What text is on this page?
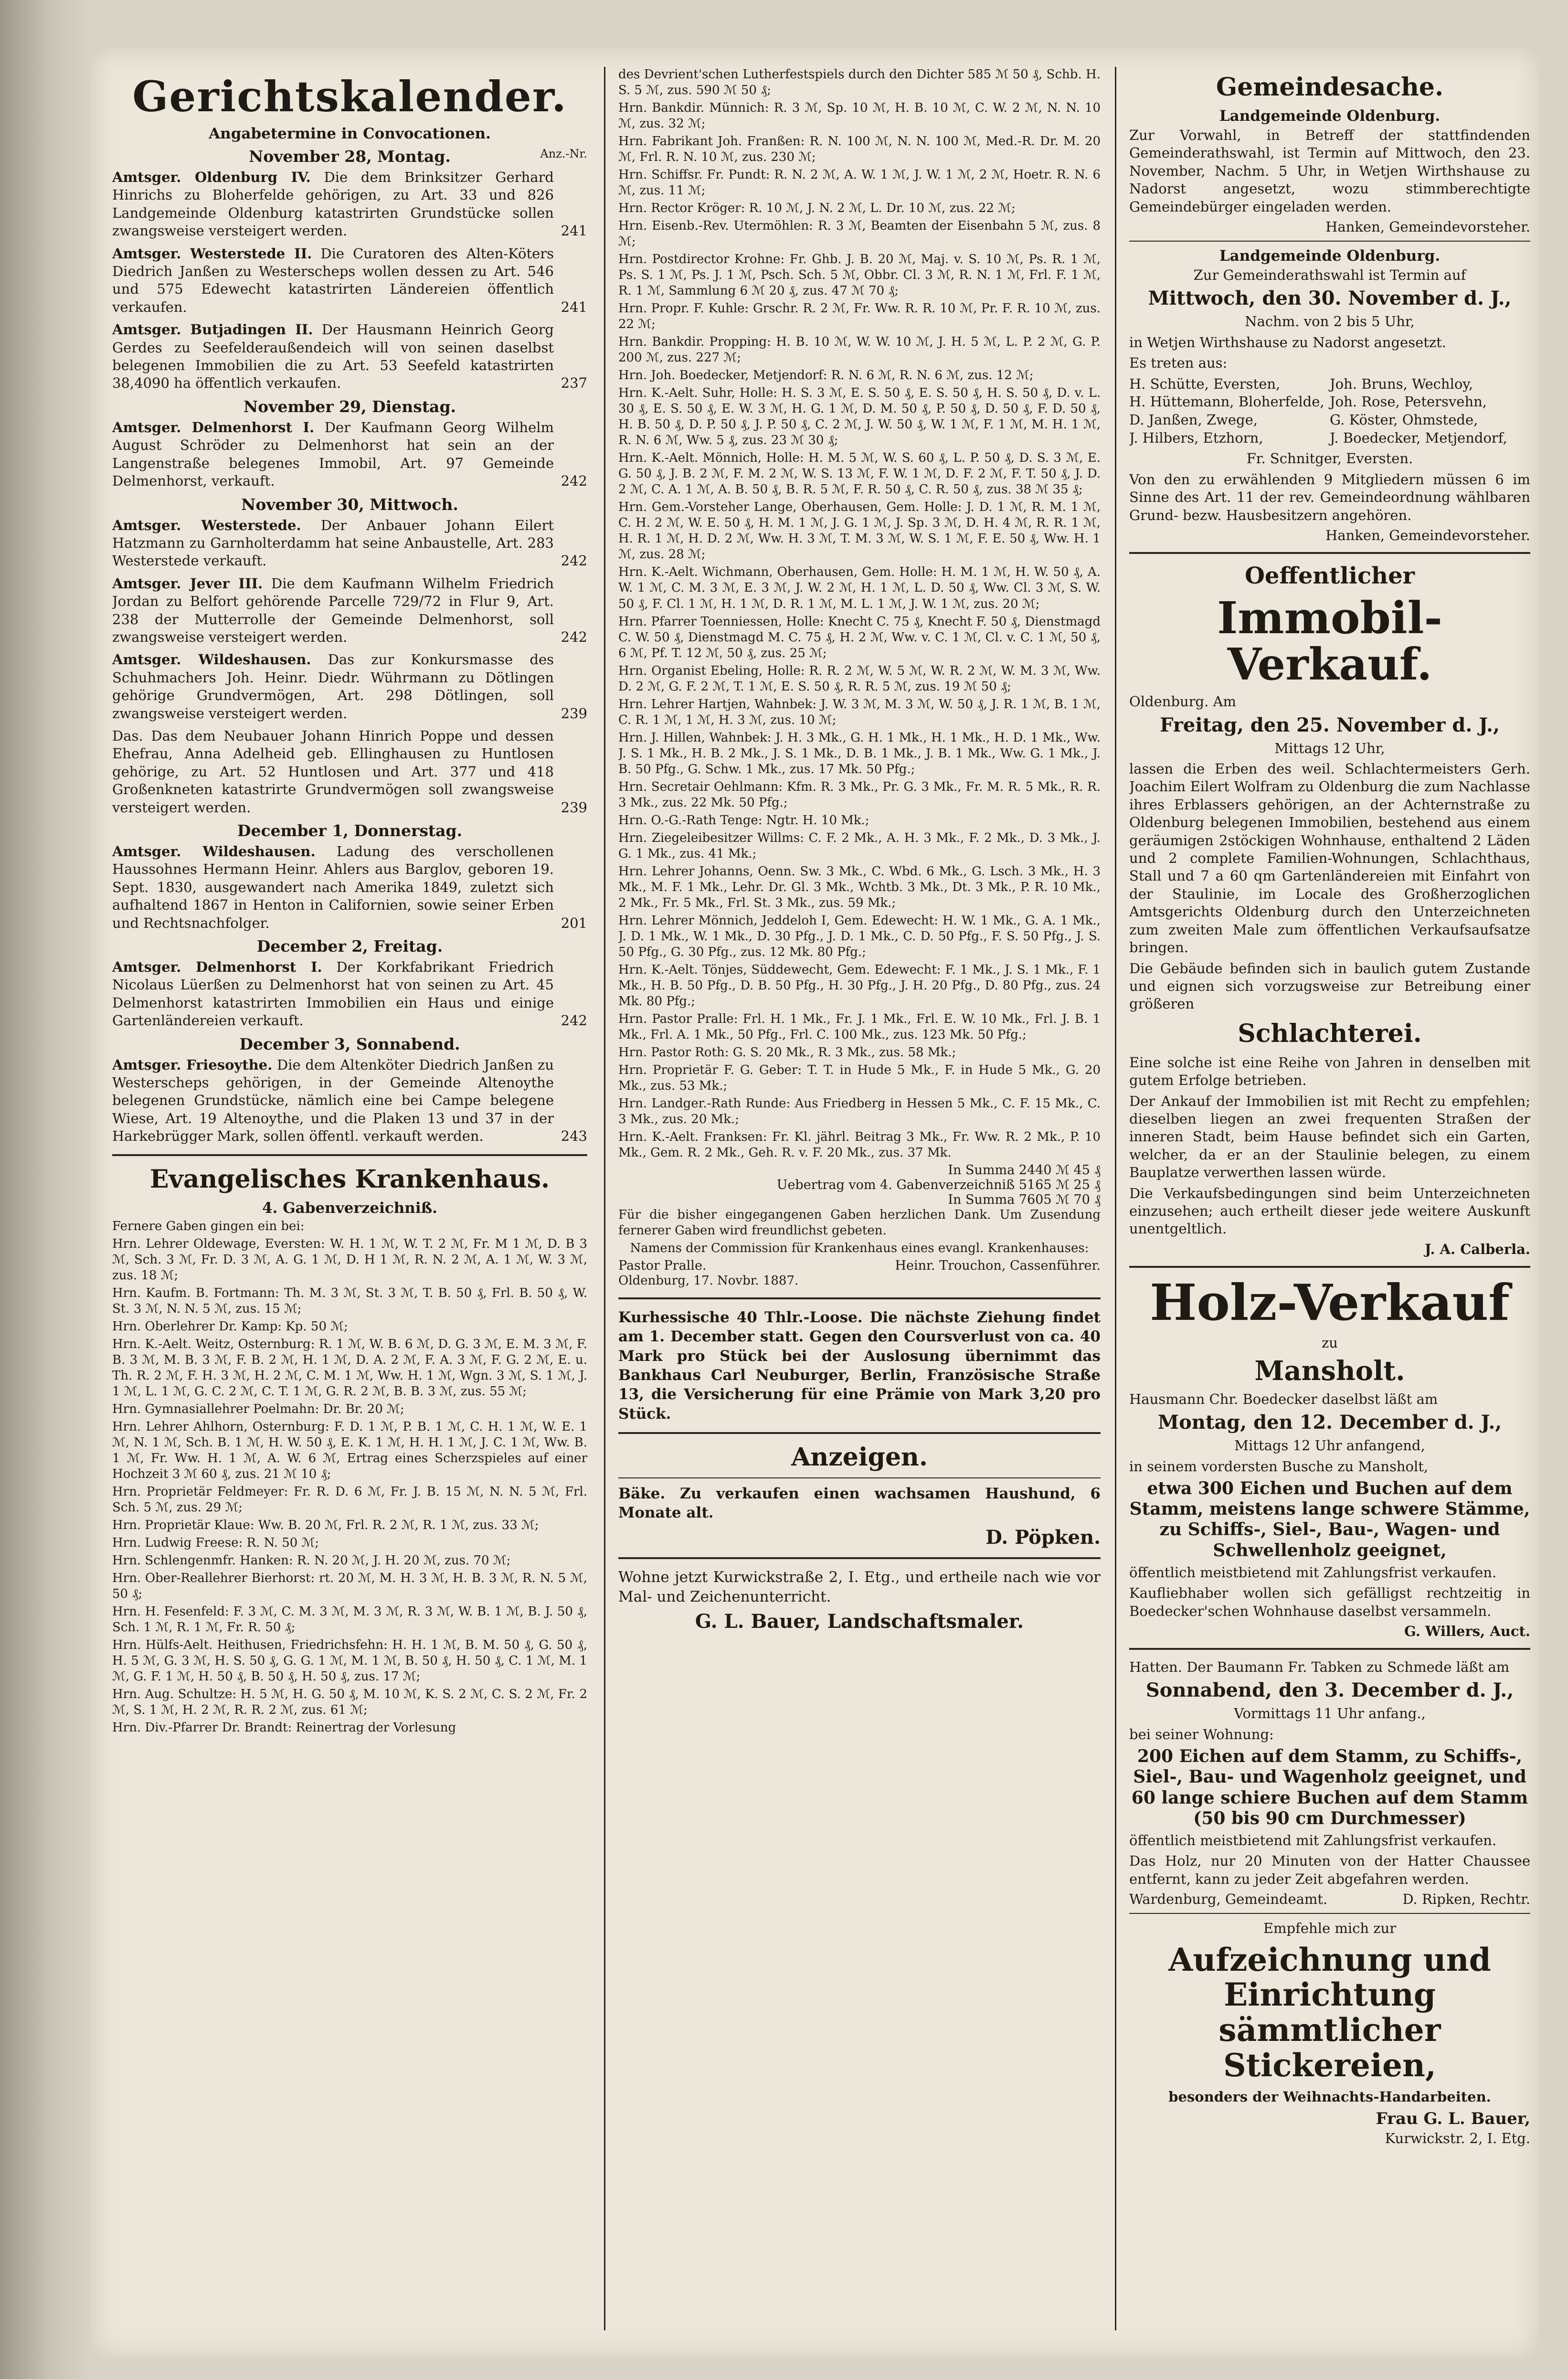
Gerichtskalender.
Angabetermine in Convocationen.
November 28, Montag.	Anz.-Nr.
Amtsger. Oldenburg IV. Die dem Brinksitzer Gerhard Hinrichs zu Bloherfelde gehörigen, zu Art. 33 und 826 Landgemeinde Oldenburg katastrirten Grundstücke sollen zwangsweise versteigert werden.	241
Amtsger. Westerstede II. Die Curatoren des Alten-Köters Diedrich Janßen zu Westerscheps wollen dessen zu Art. 546 und 575 Edewecht katastrirten Ländereien öffentlich verkaufen.	241
Amtsger. Butjadingen II. Der Hausmann Heinrich Georg Gerdes zu Seefelderaußendeich will von seinen daselbst belegenen Immobilien die zu Art. 53 Seefeld katastrirten 38,4090 ha öffentlich verkaufen.	237
November 29, Dienstag.
Amtsger. Delmenhorst I. Der Kaufmann Georg Wilhelm August Schröder zu Delmenhorst hat sein an der Langenstraße belegenes Immobil, Art. 97 Gemeinde Delmenhorst, verkauft.	242
November 30, Mittwoch.
Amtsger. Westerstede. Der Anbauer Johann Eilert Hatzmann zu Garnholterdamm hat seine Anbaustelle, Art. 283 Westerstede verkauft.	242
Amtsger. Jever III. Die dem Kaufmann Wilhelm Friedrich Jordan zu Belfort gehörende Parcelle 729/72 in Flur 9, Art. 238 der Mutterrolle der Gemeinde Delmenhorst, soll zwangsweise versteigert werden.	242
Amtsger. Wildeshausen. Das zur Konkursmasse des Schuhmachers Joh. Heinr. Diedr. Wührmann zu Dötlingen gehörige Grundvermögen, Art. 298 Dötlingen, soll zwangsweise versteigert werden.	239
Das. Das dem Neubauer Johann Hinrich Poppe und dessen Ehefrau, Anna Adelheid geb. Ellinghausen zu Huntlosen gehörige, zu Art. 52 Huntlosen und Art. 377 und 418 Großenkneten katastrirte Grundvermögen soll zwangsweise versteigert werden.	239
December 1, Donnerstag.
Amtsger. Wildeshausen. Ladung des verschollenen Haussohnes Hermann Heinr. Ahlers aus Barglov, geboren 19. Sept. 1830, ausgewandert nach Amerika 1849, zuletzt sich aufhaltend 1867 in Henton in Californien, sowie seiner Erben und Rechtsnachfolger.	201
December 2, Freitag.
Amtsger. Delmenhorst I. Der Korkfabrikant Friedrich Nicolaus Lüerßen zu Delmenhorst hat von seinen zu Art. 45 Delmenhorst katastrirten Immobilien ein Haus und einige Gartenländereien verkauft.	242
December 3, Sonnabend.
Amtsger. Friesoythe. Die dem Altenköter Diedrich Janßen zu Westerscheps gehörigen, in der Gemeinde Altenoythe belegenen Grundstücke, nämlich eine bei Campe belegene Wiese, Art. 19 Altenoythe, und die Plaken 13 und 37 in der Harkebrügger Mark, sollen öffentl. verkauft werden.	243
Evangelisches Krankenhaus.
4. Gabenverzeichniß.

Fernere Gaben gingen ein bei:

Hrn. Lehrer Oldewage, Eversten: W. H. 1 ℳ, W. T. 2 ℳ, Fr. M 1 ℳ, D. B 3 ℳ, Sch. 3 ℳ, Fr. D. 3 ℳ, A. G. 1 ℳ, D. H 1 ℳ, R. N. 2 ℳ, A. 1 ℳ, W. 3 ℳ, zus. 18 ℳ;

Hrn. Kaufm. B. Fortmann: Th. M. 3 ℳ, St. 3 ℳ, T. B. 50 ₰, Frl. B. 50 ₰, W. St. 3 ℳ, N. N. 5 ℳ, zus. 15 ℳ;

Hrn. Oberlehrer Dr. Kamp: Kp. 50 ℳ;

Hrn. K.-Aelt. Weitz, Osternburg: R. 1 ℳ, W. B. 6 ℳ, D. G. 3 ℳ, E. M. 3 ℳ, F. B. 3 ℳ, M. B. 3 ℳ, F. B. 2 ℳ, H. 1 ℳ, D. A. 2 ℳ, F. A. 3 ℳ, F. G. 2 ℳ, E. u. Th. R. 2 ℳ, F. H. 3 ℳ, H. 2 ℳ, C. M. 1 ℳ, Ww. H. 1 ℳ, Wgn. 3 ℳ, S. 1 ℳ, J. 1 ℳ, L. 1 ℳ, G. C. 2 ℳ, C. T. 1 ℳ, G. R. 2 ℳ, B. B. 3 ℳ, zus. 55 ℳ;

Hrn. Gymnasiallehrer Poelmahn: Dr. Br. 20 ℳ;

Hrn. Lehrer Ahlhorn, Osternburg: F. D. 1 ℳ, P. B. 1 ℳ, C. H. 1 ℳ, W. E. 1 ℳ, N. 1 ℳ, Sch. B. 1 ℳ, H. W. 50 ₰, E. K. 1 ℳ, H. H. 1 ℳ, J. C. 1 ℳ, Ww. B. 1 ℳ, Fr. Ww. H. 1 ℳ, A. W. 6 ℳ, Ertrag eines Scherzspieles auf einer Hochzeit 3 ℳ 60 ₰, zus. 21 ℳ 10 ₰;

Hrn. Proprietär Feldmeyer: Fr. R. D. 6 ℳ, Fr. J. B. 15 ℳ, N. N. 5 ℳ, Frl. Sch. 5 ℳ, zus. 29 ℳ;

Hrn. Proprietär Klaue: Ww. B. 20 ℳ, Frl. R. 2 ℳ, R. 1 ℳ, zus. 33 ℳ;

Hrn. Ludwig Freese: R. N. 50 ℳ;

Hrn. Schlengenmfr. Hanken: R. N. 20 ℳ, J. H. 20 ℳ, zus. 70 ℳ;

Hrn. Ober-Reallehrer Bierhorst: rt. 20 ℳ, M. H. 3 ℳ, H. B. 3 ℳ, R. N. 5 ℳ, 50 ₰;

Hrn. H. Fesenfeld: F. 3 ℳ, C. M. 3 ℳ, M. 3 ℳ, R. 3 ℳ, W. B. 1 ℳ, B. J. 50 ₰, Sch. 1 ℳ, R. 1 ℳ, Fr. R. 50 ₰;

Hrn. Hülfs-Aelt. Heithusen, Friedrichsfehn: H. H. 1 ℳ, B. M. 50 ₰, G. 50 ₰, H. 5 ℳ, G. 3 ℳ, H. S. 50 ₰, G. G. 1 ℳ, M. 1 ℳ, B. 50 ₰, H. 50 ₰, C. 1 ℳ, M. 1 ℳ, G. F. 1 ℳ, H. 50 ₰, B. 50 ₰, H. 50 ₰, zus. 17 ℳ;

Hrn. Aug. Schultze: H. 5 ℳ, H. G. 50 ₰, M. 10 ℳ, K. S. 2 ℳ, C. S. 2 ℳ, Fr. 2 ℳ, S. 1 ℳ, H. 2 ℳ, R. R. 2 ℳ, zus. 61 ℳ;

Hrn. Div.-Pfarrer Dr. Brandt: Reinertrag der Vorlesung

des Devrient'schen Lutherfestspiels durch den Dichter 585 ℳ 50 ₰, Schb. H. S. 5 ℳ, zus. 590 ℳ 50 ₰;

Hrn. Bankdir. Münnich: R. 3 ℳ, Sp. 10 ℳ, H. B. 10 ℳ, C. W. 2 ℳ, N. N. 10 ℳ, zus. 32 ℳ;

Hrn. Fabrikant Joh. Franßen: R. N. 100 ℳ, N. N. 100 ℳ, Med.-R. Dr. M. 20 ℳ, Frl. R. N. 10 ℳ, zus. 230 ℳ;

Hrn. Schiffsr. Fr. Pundt: R. N. 2 ℳ, A. W. 1 ℳ, J. W. 1 ℳ, 2 ℳ, Hoetr. R. N. 6 ℳ, zus. 11 ℳ;

Hrn. Rector Kröger: R. 10 ℳ, J. N. 2 ℳ, L. Dr. 10 ℳ, zus. 22 ℳ;

Hrn. Eisenb.-Rev. Utermöhlen: R. 3 ℳ, Beamten der Eisenbahn 5 ℳ, zus. 8 ℳ;

Hrn. Postdirector Krohne: Fr. Ghb. J. B. 20 ℳ, Maj. v. S. 10 ℳ, Ps. R. 1 ℳ, Ps. S. 1 ℳ, Ps. J. 1 ℳ, Psch. Sch. 5 ℳ, Obbr. Cl. 3 ℳ, R. N. 1 ℳ, Frl. F. 1 ℳ, R. 1 ℳ, Sammlung 6 ℳ 20 ₰, zus. 47 ℳ 70 ₰;

Hrn. Propr. F. Kuhle: Grschr. R. 2 ℳ, Fr. Ww. R. R. 10 ℳ, Pr. F. R. 10 ℳ, zus. 22 ℳ;

Hrn. Bankdir. Propping: H. B. 10 ℳ, W. W. 10 ℳ, J. H. 5 ℳ, L. P. 2 ℳ, G. P. 200 ℳ, zus. 227 ℳ;

Hrn. Joh. Boedecker, Metjendorf: R. N. 6 ℳ, R. N. 6 ℳ, zus. 12 ℳ;

Hrn. K.-Aelt. Suhr, Holle: H. S. 3 ℳ, E. S. 50 ₰, E. S. 50 ₰, H. S. 50 ₰, D. v. L. 30 ₰, E. S. 50 ₰, E. W. 3 ℳ, H. G. 1 ℳ, D. M. 50 ₰, P. 50 ₰, D. 50 ₰, F. D. 50 ₰, H. B. 50 ₰, D. P. 50 ₰, J. P. 50 ₰, C. 2 ℳ, J. W. 50 ₰, W. 1 ℳ, F. 1 ℳ, M. H. 1 ℳ, R. N. 6 ℳ, Ww. 5 ₰, zus. 23 ℳ 30 ₰;

Hrn. K.-Aelt. Mönnich, Holle: H. M. 5 ℳ, W. S. 60 ₰, L. P. 50 ₰, D. S. 3 ℳ, E. G. 50 ₰, J. B. 2 ℳ, F. M. 2 ℳ, W. S. 13 ℳ, F. W. 1 ℳ, D. F. 2 ℳ, F. T. 50 ₰, J. D. 2 ℳ, C. A. 1 ℳ, A. B. 50 ₰, B. R. 5 ℳ, F. R. 50 ₰, C. R. 50 ₰, zus. 38 ℳ 35 ₰;

Hrn. Gem.-Vorsteher Lange, Oberhausen, Gem. Holle: J. D. 1 ℳ, R. M. 1 ℳ, C. H. 2 ℳ, W. E. 50 ₰, H. M. 1 ℳ, J. G. 1 ℳ, J. Sp. 3 ℳ, D. H. 4 ℳ, R. R. 1 ℳ, H. R. 1 ℳ, H. D. 2 ℳ, Ww. H. 3 ℳ, T. M. 3 ℳ, W. S. 1 ℳ, F. E. 50 ₰, Ww. H. 1 ℳ, zus. 28 ℳ;

Hrn. K.-Aelt. Wichmann, Oberhausen, Gem. Holle: H. M. 1 ℳ, H. W. 50 ₰, A. W. 1 ℳ, C. M. 3 ℳ, E. 3 ℳ, J. W. 2 ℳ, H. 1 ℳ, L. D. 50 ₰, Ww. Cl. 3 ℳ, S. W. 50 ₰, F. Cl. 1 ℳ, H. 1 ℳ, D. R. 1 ℳ, M. L. 1 ℳ, J. W. 1 ℳ, zus. 20 ℳ;

Hrn. Pfarrer Toenniessen, Holle: Knecht C. 75 ₰, Knecht F. 50 ₰, Dienstmagd C. W. 50 ₰, Dienstmagd M. C. 75 ₰, H. 2 ℳ, Ww. v. C. 1 ℳ, Cl. v. C. 1 ℳ, 50 ₰, 6 ℳ, Pf. T. 12 ℳ, 50 ₰, zus. 25 ℳ;

Hrn. Organist Ebeling, Holle: R. R. 2 ℳ, W. 5 ℳ, W. R. 2 ℳ, W. M. 3 ℳ, Ww. D. 2 ℳ, G. F. 2 ℳ, T. 1 ℳ, E. S. 50 ₰, R. R. 5 ℳ, zus. 19 ℳ 50 ₰;

Hrn. Lehrer Hartjen, Wahnbek: J. W. 3 ℳ, M. 3 ℳ, W. 50 ₰, J. R. 1 ℳ, B. 1 ℳ, C. R. 1 ℳ, 1 ℳ, H. 3 ℳ, zus. 10 ℳ;

Hrn. J. Hillen, Wahnbek: J. H. 3 Mk., G. H. 1 Mk., H. 1 Mk., H. D. 1 Mk., Ww. J. S. 1 Mk., H. B. 2 Mk., J. S. 1 Mk., D. B. 1 Mk., J. B. 1 Mk., Ww. G. 1 Mk., J. B. 50 Pfg., G. Schw. 1 Mk., zus. 17 Mk. 50 Pfg.;

Hrn. Secretair Oehlmann: Kfm. R. 3 Mk., Pr. G. 3 Mk., Fr. M. R. 5 Mk., R. R. 3 Mk., zus. 22 Mk. 50 Pfg.;

Hrn. O.-G.-Rath Tenge: Ngtr. H. 10 Mk.;

Hrn. Ziegeleibesitzer Willms: C. F. 2 Mk., A. H. 3 Mk., F. 2 Mk., D. 3 Mk., J. G. 1 Mk., zus. 41 Mk.;

Hrn. Lehrer Johanns, Oenn. Sw. 3 Mk., C. Wbd. 6 Mk., G. Lsch. 3 Mk., H. 3 Mk., M. F. 1 Mk., Lehr. Dr. Gl. 3 Mk., Wchtb. 3 Mk., Dt. 3 Mk., P. R. 10 Mk., 2 Mk., Fr. 5 Mk., Frl. St. 3 Mk., zus. 59 Mk.;

Hrn. Lehrer Mönnich, Jeddeloh I, Gem. Edewecht: H. W. 1 Mk., G. A. 1 Mk., J. D. 1 Mk., W. 1 Mk., D. 30 Pfg., J. D. 1 Mk., C. D. 50 Pfg., F. S. 50 Pfg., J. S. 50 Pfg., G. 30 Pfg., zus. 12 Mk. 80 Pfg.;

Hrn. K.-Aelt. Tönjes, Süddewecht, Gem. Edewecht: F. 1 Mk., J. S. 1 Mk., F. 1 Mk., H. B. 50 Pfg., D. B. 50 Pfg., H. 30 Pfg., J. H. 20 Pfg., D. 80 Pfg., zus. 24 Mk. 80 Pfg.;

Hrn. Pastor Pralle: Frl. H. 1 Mk., Fr. J. 1 Mk., Frl. E. W. 10 Mk., Frl. J. B. 1 Mk., Frl. A. 1 Mk., 50 Pfg., Frl. C. 100 Mk., zus. 123 Mk. 50 Pfg.;

Hrn. Pastor Roth: G. S. 20 Mk., R. 3 Mk., zus. 58 Mk.;

Hrn. Proprietär F. G. Geber: T. T. in Hude 5 Mk., F. in Hude 5 Mk., G. 20 Mk., zus. 53 Mk.;

Hrn. Landger.-Rath Runde: Aus Friedberg in Hessen 5 Mk., C. F. 15 Mk., C. 3 Mk., zus. 20 Mk.;

Hrn. K.-Aelt. Franksen: Fr. Kl. jährl. Beitrag 3 Mk., Fr. Ww. R. 2 Mk., P. 10 Mk., Gem. R. 2 Mk., Geh. R. v. F. 20 Mk., zus. 37 Mk.

In Summa 2440 ℳ 45 ₰
Uebertrag vom 4. Gabenverzeichniß 5165 ℳ 25 ₰
In Summa 7605 ℳ 70 ₰

Für die bisher eingegangenen Gaben herzlichen Dank. Um Zusendung fernerer Gaben wird freundlichst gebeten.

Namens der Commission für Krankenhaus eines evangl. Krankenhauses:

Pastor Pralle.	Heinr. Trouchon, Cassenführer.

Oldenburg, 17. Novbr. 1887.

Kurhessische 40 Thlr.-Loose. Die nächste Ziehung findet am 1. December statt. Gegen den Coursverlust von ca. 40 Mark pro Stück bei der Auslosung übernimmt das Bankhaus Carl Neuburger, Berlin, Französische Straße 13, die Versicherung für eine Prämie von Mark 3,20 pro Stück.

Anzeigen.

Bäke. Zu verkaufen einen wachsamen Haushund, 6 Monate alt.

D. Pöpken.

Wohne jetzt Kurwickstraße 2, I. Etg., und ertheile nach wie vor Mal- und Zeichenunterricht.

G. L. Bauer, Landschaftsmaler.
Gemeindesache.
Landgemeinde Oldenburg.

Zur Vorwahl, in Betreff der stattfindenden Gemeinderathswahl, ist Termin auf Mittwoch, den 23. November, Nachm. 5 Uhr, in Wetjen Wirthshause zu Nadorst angesetzt, wozu stimmberechtigte Gemeindebürger eingeladen werden.

Hanken, Gemeindevorsteher.
Landgemeinde Oldenburg.

Zur Gemeinderathswahl ist Termin auf

Mittwoch, den 30. November d. J.,

Nachm. von 2 bis 5 Uhr,

in Wetjen Wirthshause zu Nadorst angesetzt.

Es treten aus:

H. Schütte, Eversten,	Joh. Bruns, Wechloy,
H. Hüttemann, Bloherfelde, Joh. Rose, Petersvehn,
D. Janßen, Zwege,	G. Köster, Ohmstede,
J. Hilbers, Etzhorn,	J. Boedecker, Metjendorf,

Fr. Schnitger, Eversten.

Von den zu erwählenden 9 Mitgliedern müssen 6 im Sinne des Art. 11 der rev. Gemeindeordnung wählbaren Grund- bezw. Hausbesitzern angehören.

Hanken, Gemeindevorsteher.
Oeffentlicher
Immobil-Verkauf.

Oldenburg. Am

Freitag, den 25. November d. J.,

Mittags 12 Uhr,

lassen die Erben des weil. Schlachtermeisters Gerh. Joachim Eilert Wolfram zu Oldenburg die zum Nachlasse ihres Erblassers gehörigen, an der Achternstraße zu Oldenburg belegenen Immobilien, bestehend aus einem geräumigen 2stöckigen Wohnhause, enthaltend 2 Läden und 2 complete Familien-Wohnungen, Schlachthaus, Stall und 7 a 60 qm Gartenländereien mit Einfahrt von der Staulinie, im Locale des Großherzoglichen Amtsgerichts Oldenburg durch den Unterzeichneten zum zweiten Male zum öffentlichen Verkaufsaufsatze bringen.

Die Gebäude befinden sich in baulich gutem Zustande und eignen sich vorzugsweise zur Betreibung einer größeren

Schlachterei.

Eine solche ist eine Reihe von Jahren in denselben mit gutem Erfolge betrieben.

Der Ankauf der Immobilien ist mit Recht zu empfehlen; dieselben liegen an zwei frequenten Straßen der inneren Stadt, beim Hause befindet sich ein Garten, welcher, da er an der Staulinie belegen, zu einem Bauplatze verwerthen lassen würde.

Die Verkaufsbedingungen sind beim Unterzeichneten einzusehen; auch ertheilt dieser jede weitere Auskunft unentgeltlich.

J. A. Calberla.
Holz-Verkauf

zu

Mansholt.

Hausmann Chr. Boedecker daselbst läßt am

Montag, den 12. December d. J.,

Mittags 12 Uhr anfangend,

in seinem vordersten Busche zu Mansholt,

etwa 300 Eichen und Buchen auf dem Stamm, meistens lange schwere Stämme, zu Schiffs-, Siel-, Bau-, Wagen- und Schwellenholz geeignet,

öffentlich meistbietend mit Zahlungsfrist verkaufen.

Kaufliebhaber wollen sich gefälligst rechtzeitig in Boedecker'schen Wohnhause daselbst versammeln.

G. Willers, Auct.

Hatten. Der Baumann Fr. Tabken zu Schmede läßt am

Sonnabend, den 3. December d. J.,

Vormittags 11 Uhr anfang.,

bei seiner Wohnung:

200 Eichen auf dem Stamm, zu Schiffs-, Siel-, Bau- und Wagenholz geeignet, und 60 lange schiere Buchen auf dem Stamm (50 bis 90 cm Durchmesser)

öffentlich meistbietend mit Zahlungsfrist verkaufen.

Das Holz, nur 20 Minuten von der Hatter Chaussee entfernt, kann zu jeder Zeit abgefahren werden.

Wardenburg, Gemeindeamt.	D. Ripken, Rechtr.

Empfehle mich zur

Aufzeichnung und Einrichtung sämmtlicher Stickereien,

besonders der Weihnachts-Handarbeiten.

Frau G. L. Bauer,
Kurwickstr. 2, I. Etg.
